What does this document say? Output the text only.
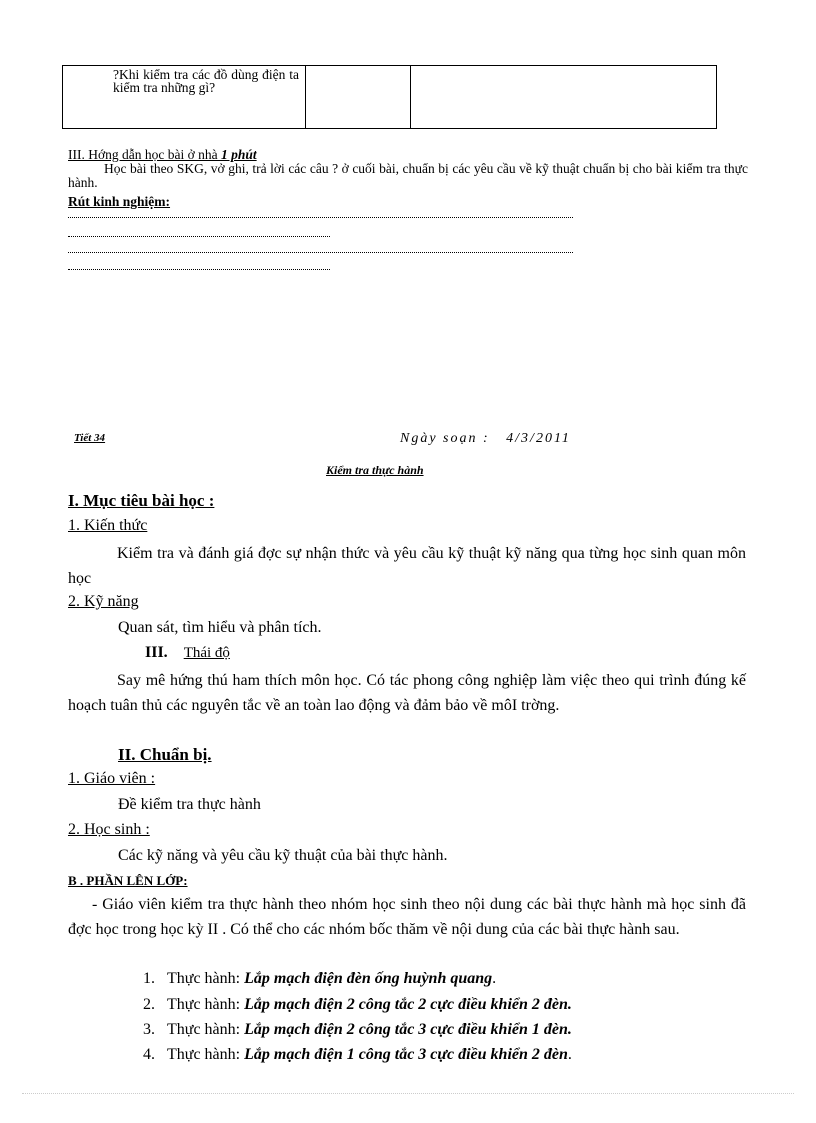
?Khi kiểm tra các đồ dùng điện ta kiểm tra những gì?
III. Hớng dẫn học bài ở nhà 1 phút
Học bài theo SKG, vở ghi, trả lời các câu ? ở cuối bài, chuẩn bị các yêu cầu về kỹ thuật chuẩn bị cho bài kiểm tra thực hành.
Rút kinh nghiệm:
Tiết 34	Ngày soạn : 4/3/2011
Kiểm tra thực hành
I. Mục tiêu bài học :
1. Kiến thức
Kiểm tra và đánh giá đợc sự nhận thức và yêu cầu kỹ thuật kỹ năng qua từng học sinh quan môn học
2. Kỹ năng
Quan sát, tìm hiểu và phân tích.
III. Thái độ
Say mê hứng thú ham thích môn học. Có tác phong công nghiệp làm việc theo qui trình đúng kế hoạch tuân thủ các nguyên tắc về an toàn lao động và đảm bảo về môI trờng.
II. Chuẩn bị.
1. Giáo viên :
Đề kiểm tra thực hành
2. Học sinh :
Các kỹ năng và yêu cầu kỹ thuật của bài thực hành.
B . PHẦN LÊN LỚP:
- Giáo viên kiểm tra thực hành theo nhóm học sinh theo nội dung các bài thực hành mà học sinh đã đợc học trong học kỳ II . Có thể cho các nhóm bốc thăm về nội dung của các bài thực hành sau.
1. Thực hành: Lắp mạch điện đèn ống huỳnh quang.
2. Thực hành: Lắp mạch điện 2 công tắc 2 cực điều khiển 2 đèn.
3. Thực hành: Lắp mạch điện 2 công tắc 3 cực điều khiển 1 đèn.
4. Thực hành: Lắp mạch điện 1 công tắc 3 cực điều khiển 2 đèn.
